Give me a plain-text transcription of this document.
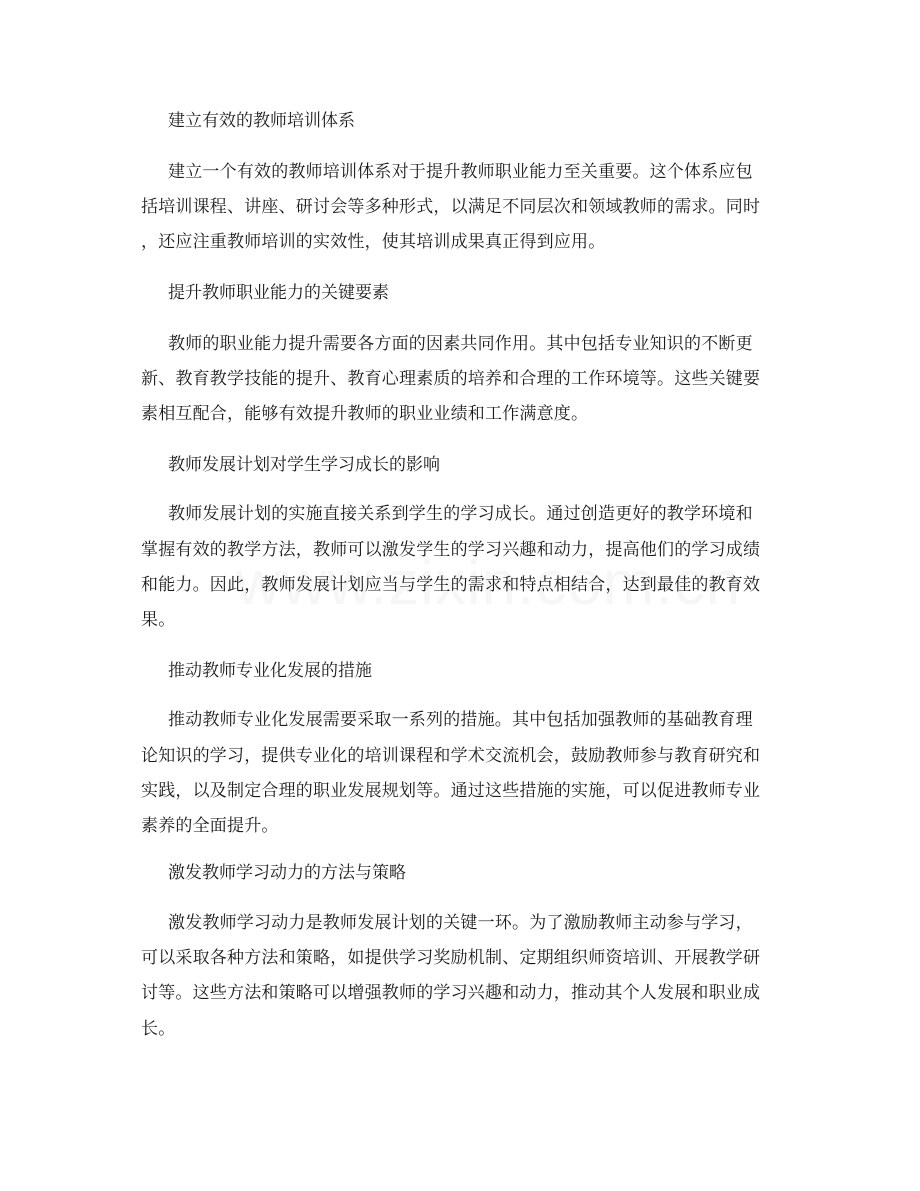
建立有效的教师培训体系
建立一个有效的教师培训体系对于提升教师职业能力至关重要。这个体系应包
括培训课程、讲座、研讨会等多种形式，以满足不同层次和领域教师的需求。同时
，还应注重教师培训的实效性，使其培训成果真正得到应用。
提升教师职业能力的关键要素
教师的职业能力提升需要各方面的因素共同作用。其中包括专业知识的不断更
新、教育教学技能的提升、教育心理素质的培养和合理的工作环境等。这些关键要
素相互配合，能够有效提升教师的职业业绩和工作满意度。
教师发展计划对学生学习成长的影响
教师发展计划的实施直接关系到学生的学习成长。通过创造更好的教学环境和
掌握有效的教学方法，教师可以激发学生的学习兴趣和动力，提高他们的学习成绩
和能力。因此，教师发展计划应当与学生的需求和特点相结合，达到最佳的教育效
果。
推动教师专业化发展的措施
推动教师专业化发展需要采取一系列的措施。其中包括加强教师的基础教育理
论知识的学习，提供专业化的培训课程和学术交流机会，鼓励教师参与教育研究和
实践，以及制定合理的职业发展规划等。通过这些措施的实施，可以促进教师专业
素养的全面提升。
激发教师学习动力的方法与策略
激发教师学习动力是教师发展计划的关键一环。为了激励教师主动参与学习，
可以采取各种方法和策略，如提供学习奖励机制、定期组织师资培训、开展教学研
讨等。这些方法和策略可以增强教师的学习兴趣和动力，推动其个人发展和职业成
长。
